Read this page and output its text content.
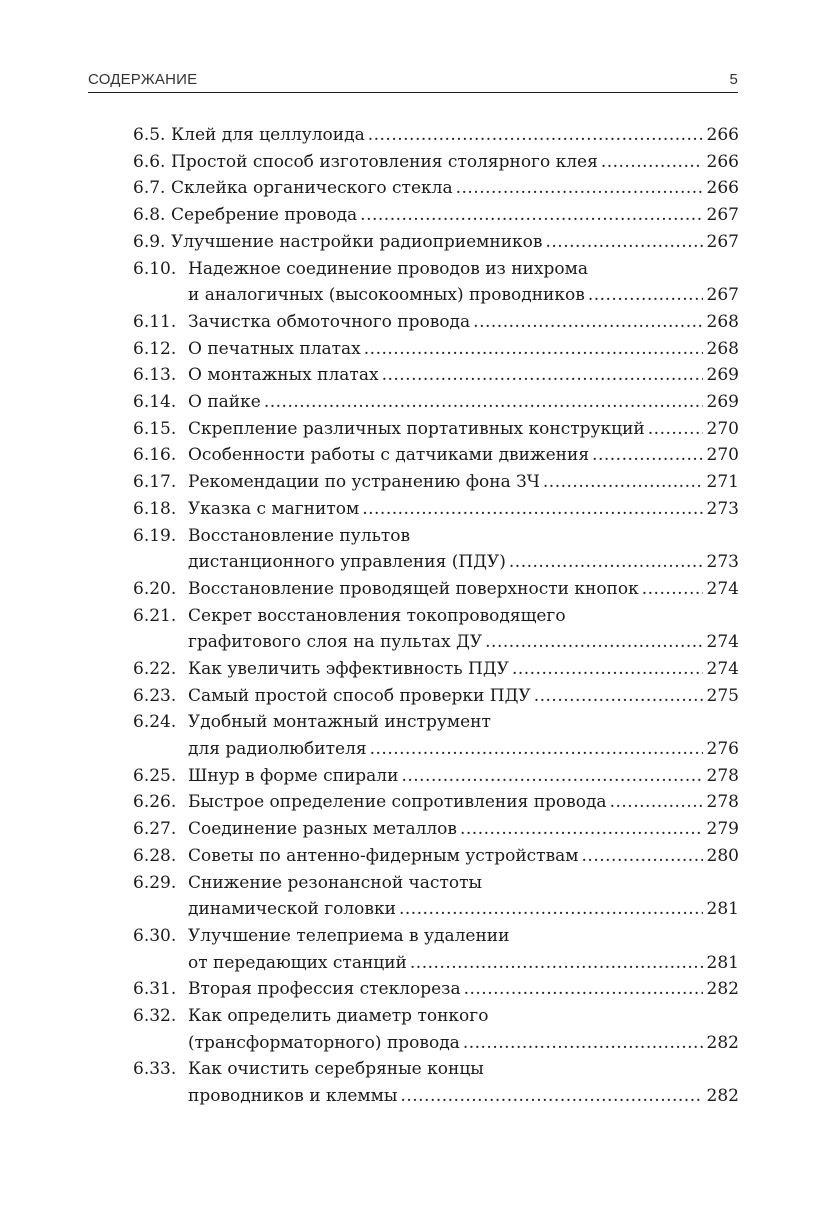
СОДЕРЖАНИЕ	5
6.5. Клей для целлулоида .....	266
6.6. Простой способ изготовления столярного клея .....	266
6.7. Склейка органического стекла .....	266
6.8. Серебрение провода .....	267
6.9. Улучшение настройки радиоприемников .....	267
6.10. Надежное соединение проводов из нихрома
и аналогичных (высокоомных) проводников .....	267
6.11. Зачистка обмоточного провода .....	268
6.12. О печатных платах .....	268
6.13. О монтажных платах .....	269
6.14. О пайке .....	269
6.15. Скрепление различных портативных конструкций .....	270
6.16. Особенности работы с датчиками движения .....	270
6.17. Рекомендации по устранению фона ЗЧ .....	271
6.18. Указка с магнитом .....	273
6.19. Восстановление пультов
дистанционного управления (ПДУ) .....	273
6.20. Восстановление проводящей поверхности кнопок .....	274
6.21. Секрет восстановления токопроводящего
графитового слоя на пультах ДУ .....	274
6.22. Как увеличить эффективность ПДУ .....	274
6.23. Самый простой способ проверки ПДУ .....	275
6.24. Удобный монтажный инструмент
для радиолюбителя .....	276
6.25. Шнур в форме спирали .....	278
6.26. Быстрое определение сопротивления провода .....	278
6.27. Соединение разных металлов .....	279
6.28. Советы по антенно-фидерным устройствам .....	280
6.29. Снижение резонансной частоты
динамической головки .....	281
6.30. Улучшение телеприема в удалении
от передающих станций .....	281
6.31. Вторая профессия стеклореза .....	282
6.32. Как определить диаметр тонкого
(трансформаторного) провода .....	282
6.33. Как очистить серебряные концы
проводников и клеммы .....	282
